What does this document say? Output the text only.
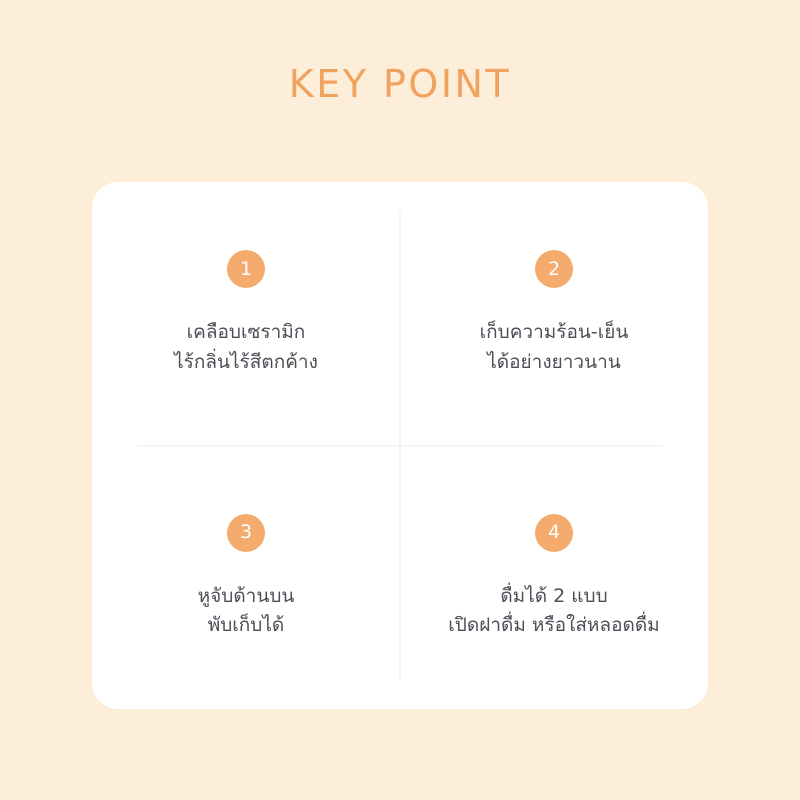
KEY POINT
1
เคลือบเซรามิก
ไร้กลิ่นไร้สีตกค้าง
2
เก็บความร้อน-เย็น
ได้อย่างยาวนาน
3
หูจับด้านบน
พับเก็บได้
4
ดื่มได้ 2 แบบ
เปิดฝาดื่ม หรือใส่หลอดดื่ม
